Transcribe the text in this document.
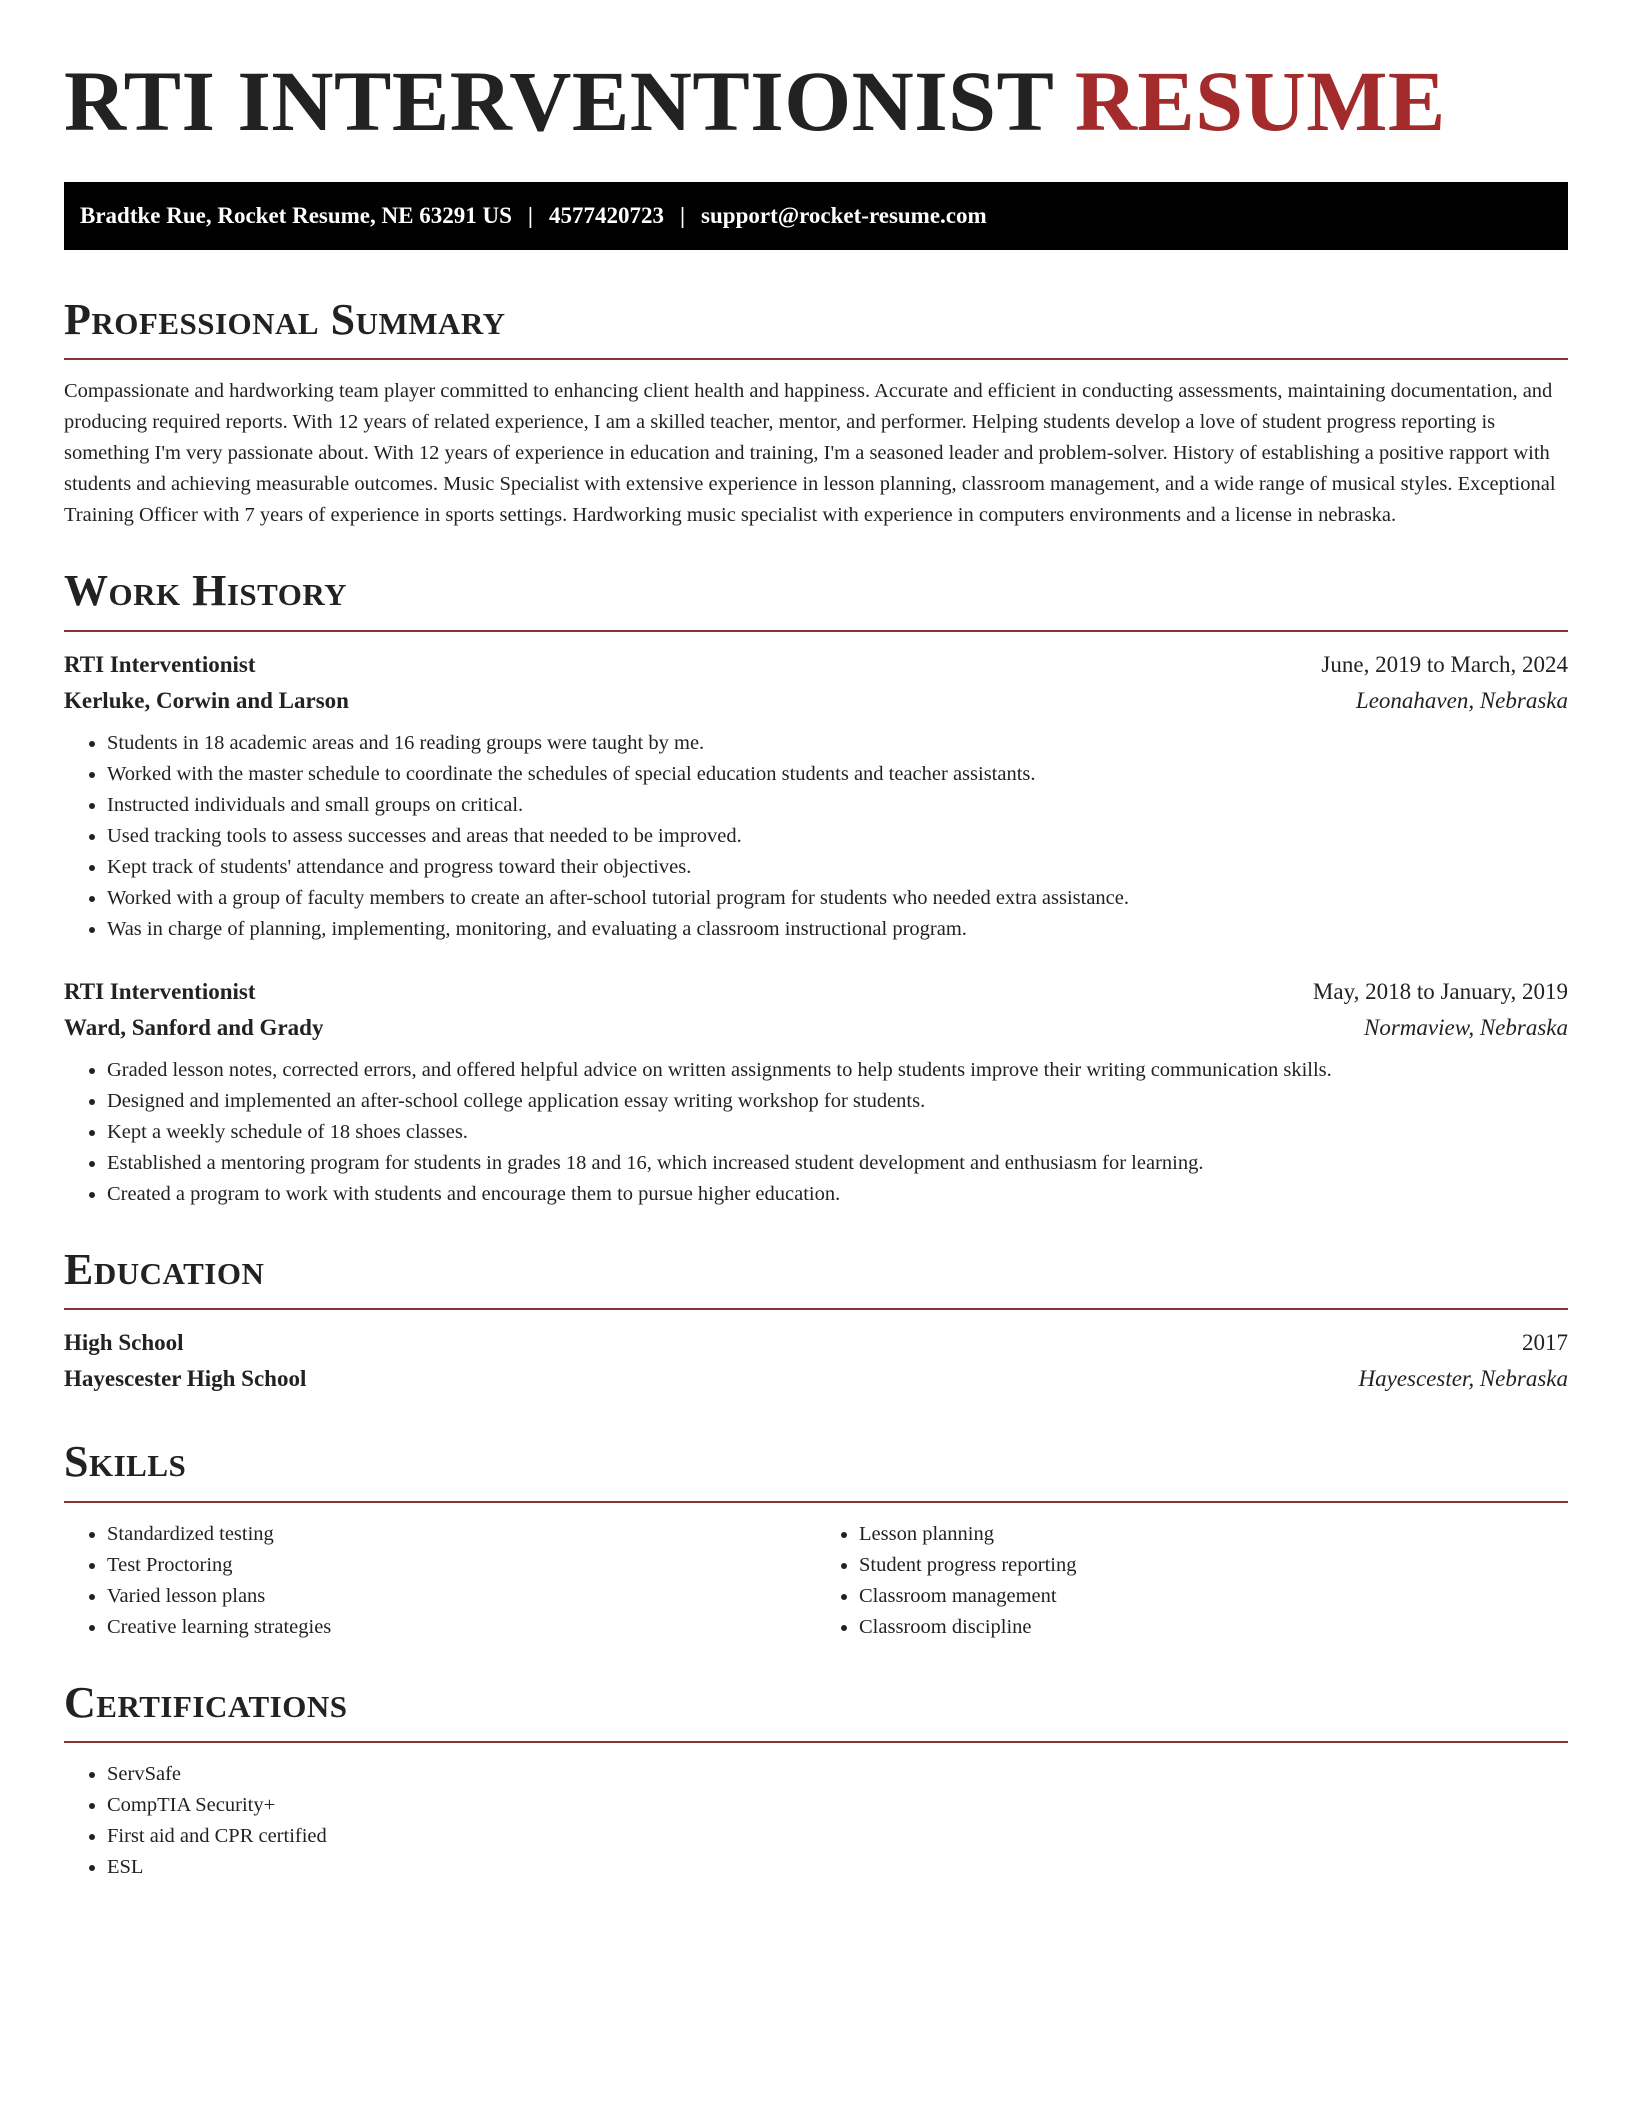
RTI INTERVENTIONIST RESUME
Bradtke Rue, Rocket Resume, NE 63291 US | 4577420723 | support@rocket-resume.com
Professional Summary

Compassionate and hardworking team player committed to enhancing client health and happiness. Accurate and efficient in conducting assessments, maintaining documentation, and producing required reports. With 12 years of related experience, I am a skilled teacher, mentor, and performer. Helping students develop a love of student progress reporting is something I'm very passionate about. With 12 years of experience in education and training, I'm a seasoned leader and problem-solver. History of establishing a positive rapport with students and achieving measurable outcomes. Music Specialist with extensive experience in lesson planning, classroom management, and a wide range of musical styles. Exceptional Training Officer with 7 years of experience in sports settings. Hardworking music specialist with experience in computers environments and a license in nebraska.

Work History
RTI Interventionist	June, 2019 to March, 2024
Kerluke, Corwin and Larson	Leonahaven, Nebraska
• Students in 18 academic areas and 16 reading groups were taught by me.
• Worked with the master schedule to coordinate the schedules of special education students and teacher assistants.
• Instructed individuals and small groups on critical.
• Used tracking tools to assess successes and areas that needed to be improved.
• Kept track of students' attendance and progress toward their objectives.
• Worked with a group of faculty members to create an after-school tutorial program for students who needed extra assistance.
• Was in charge of planning, implementing, monitoring, and evaluating a classroom instructional program.
RTI Interventionist	May, 2018 to January, 2019
Ward, Sanford and Grady	Normaview, Nebraska
• Graded lesson notes, corrected errors, and offered helpful advice on written assignments to help students improve their writing communication skills.
• Designed and implemented an after-school college application essay writing workshop for students.
• Kept a weekly schedule of 18 shoes classes.
• Established a mentoring program for students in grades 18 and 16, which increased student development and enthusiasm for learning.
• Created a program to work with students and encourage them to pursue higher education.
Education
High School	2017
Hayescester High School	Hayescester, Nebraska
Skills
• Standardized testing
• Test Proctoring
• Varied lesson plans
• Creative learning strategies
• Lesson planning
• Student progress reporting
• Classroom management
• Classroom discipline
Certifications
• ServSafe
• CompTIA Security+
• First aid and CPR certified
• ESL
